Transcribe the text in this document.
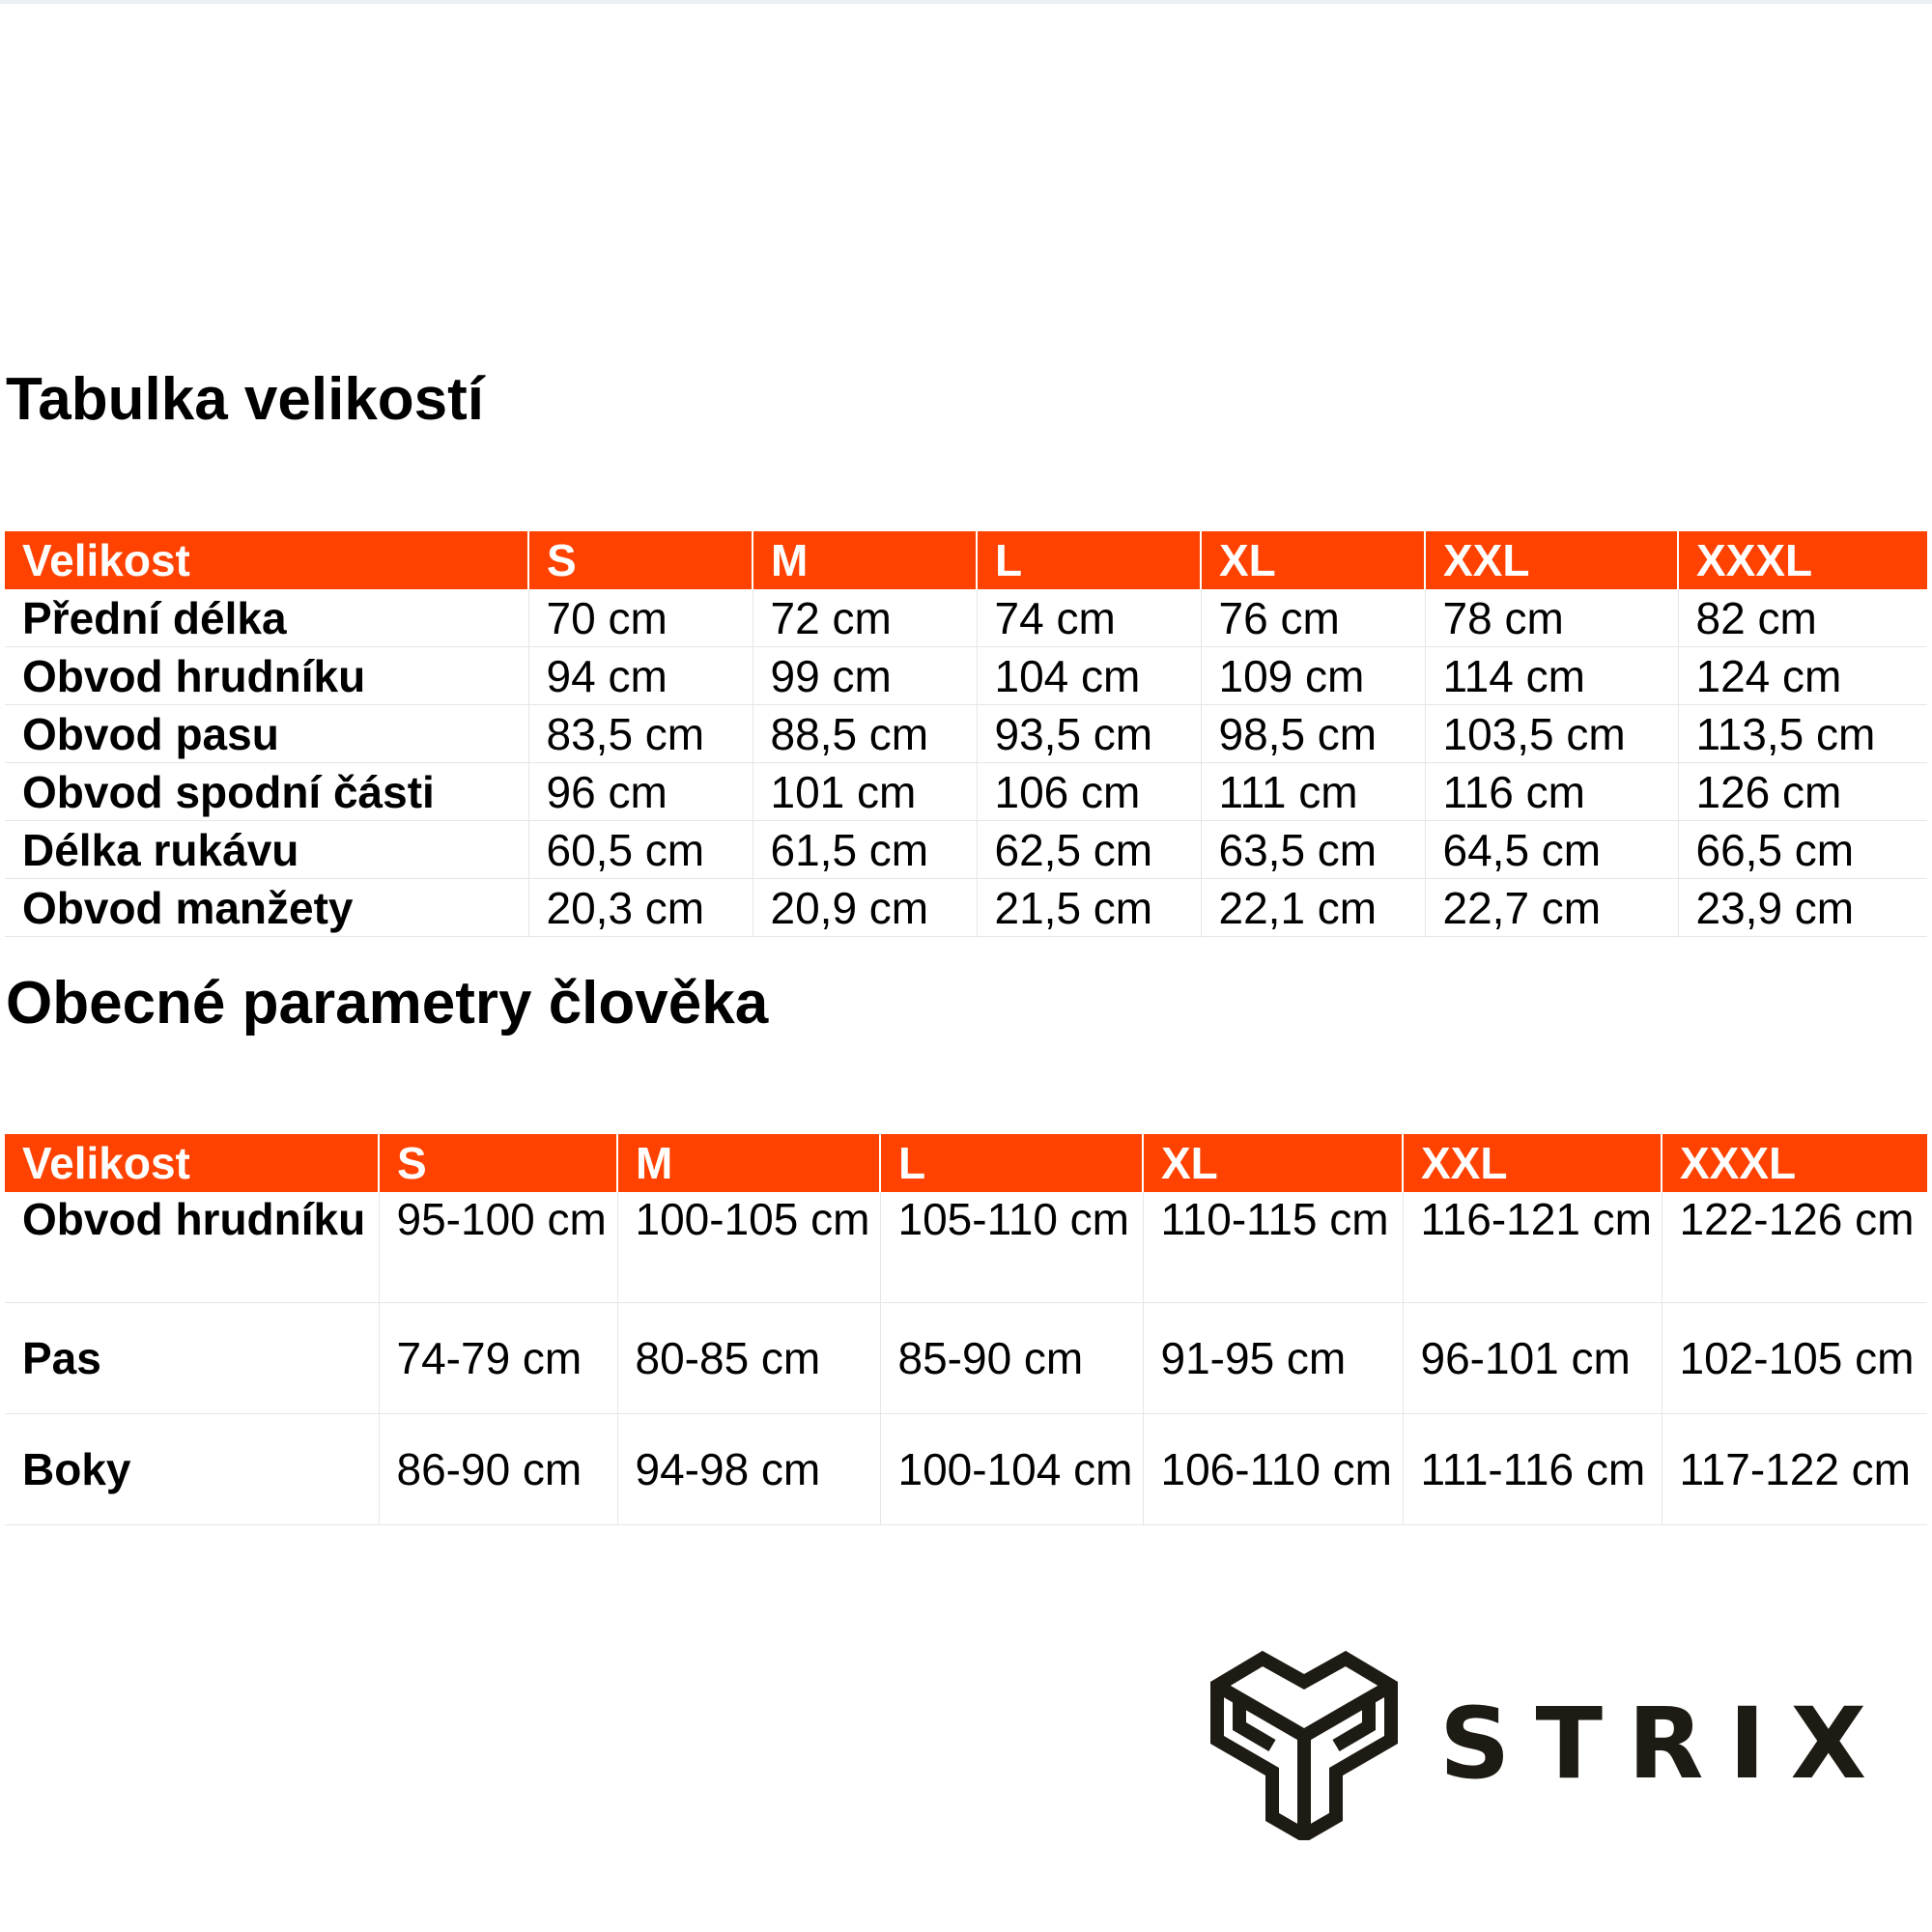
Tabulka velikostí
Velikost	S	M	L	XL	XXL	XXXL
Přední délka	70 cm	72 cm	74 cm	76 cm	78 cm	82 cm
Obvod hrudníku	94 cm	99 cm	104 cm	109 cm	114 cm	124 cm
Obvod pasu	83,5 cm	88,5 cm	93,5 cm	98,5 cm	103,5 cm	113,5 cm
Obvod spodní části	96 cm	101 cm	106 cm	111 cm	116 cm	126 cm
Délka rukávu	60,5 cm	61,5 cm	62,5 cm	63,5 cm	64,5 cm	66,5 cm
Obvod manžety	20,3 cm	20,9 cm	21,5 cm	22,1 cm	22,7 cm	23,9 cm
Obecné parametry člověka
Velikost	S	M	L	XL	XXL	XXXL
Obvod hrudníku	95-100 cm	100-105 cm	105-110 cm	110-115 cm	116-121 cm	122-126 cm
Pas	74-79 cm	80-85 cm	85-90 cm	91-95 cm	96-101 cm	102-105 cm
Boky	86-90 cm	94-98 cm	100-104 cm	106-110 cm	111-116 cm	117-122 cm
STRIX
